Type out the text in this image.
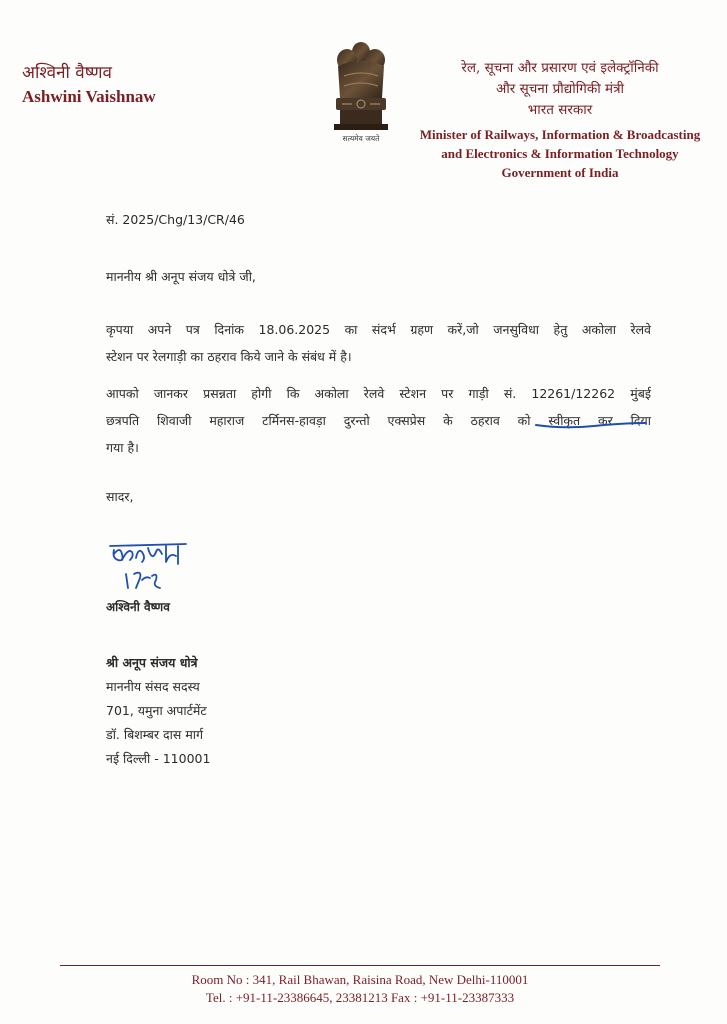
अश्विनी वैष्णव
Ashwini Vaishnaw
सत्यमेव जयते
रेल, सूचना और प्रसारण एवं इलेक्ट्रॉनिकी
और सूचना प्रौद्योगिकी मंत्री
भारत सरकार
Minister of Railways, Information & Broadcasting
and Electronics & Information Technology
Government of India
सं. 2025/Chg/13/CR/46
माननीय श्री अनूप संजय धोत्रे जी,
कृपया अपने पत्र दिनांक 18.06.2025 का संदर्भ ग्रहण करें,जो जनसुविधा हेतु अकोला रेलवे
स्टेशन पर रेलगाड़ी का ठहराव किये जाने के संबंध में है।
आपको जानकर प्रसन्नता होगी कि अकोला रेलवे स्टेशन पर गाड़ी सं. 12261/12262 मुंबई
छत्रपति शिवाजी महाराज टर्मिनस-हावड़ा दुरन्तो एक्सप्रेस के ठहराव को स्वीकृत कर दिया
गया है।
सादर,
अश्विनी वैष्णव
श्री अनूप संजय धोत्रे
माननीय संसद सदस्य
701, यमुना अपार्टमेंट
डॉ. बिशम्बर दास मार्ग
नई दिल्ली - 110001
Room No : 341, Rail Bhawan, Raisina Road, New Delhi-110001
Tel. : +91-11-23386645, 23381213 Fax : +91-11-23387333
